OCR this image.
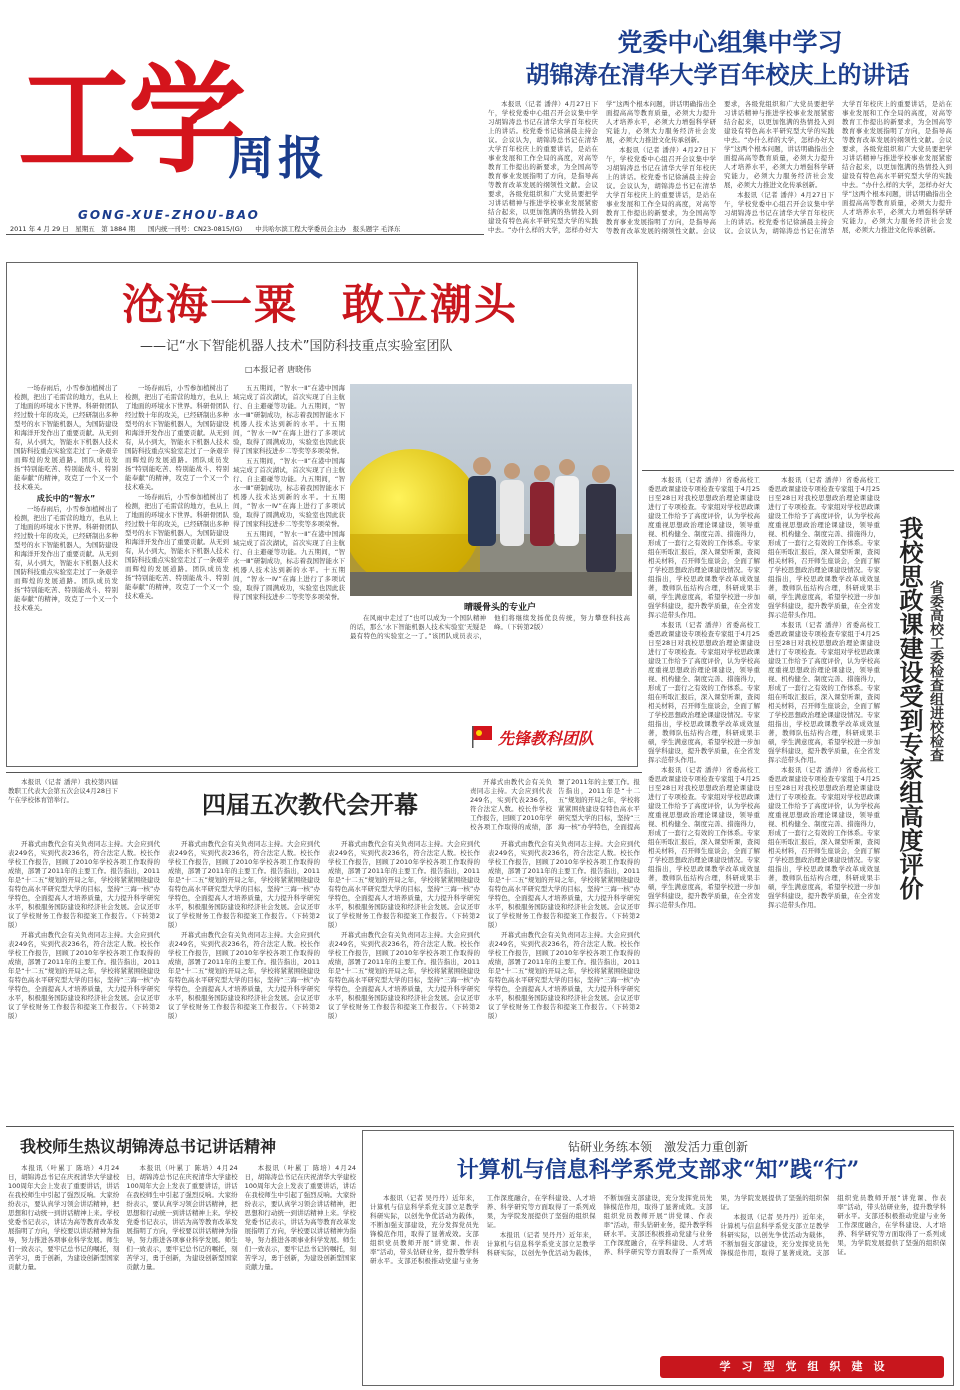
工学
周报
GONG-XUE-ZHOU-BAO
2011 年 4 月 29 日　星期五　第 1884 期　　国内统一刊号：CN23-0815/(G)　　中共哈尔滨工程大学委员会主办　报头题字 毛泽东
党委中心组集中学习
胡锦涛在清华大学百年校庆上的讲话

本报讯（记者 潘萍）4月27日下午，学校党委中心组召开会议集中学习胡锦涛总书记在清华大学百年校庆上的讲话。校党委书记徐涵晨主持会议。会议认为，胡锦涛总书记在清华大学百年校庆上的重要讲话，是站在事业发展和工作全局的高度，对高等教育工作提出的新要求，为全国高等教育事业发展指明了方向，是指导高等教育改革发展的纲领性文献。会议要求，各级党组织和广大党员要把学习讲话精神与推进学校事业发展紧密结合起来，以更加饱满的热情投入到建设有特色高水平研究型大学的实践中去。“办什么样的大学，怎样办好大学”这两个根本问题，讲话明确指出全面提高高等教育质量，必须大力提升人才培养水平，必须大力增强科学研究能力，必须大力服务经济社会发展，必须大力推进文化传承创新。

本报讯（记者 潘萍）4月27日下午，学校党委中心组召开会议集中学习胡锦涛总书记在清华大学百年校庆上的讲话。校党委书记徐涵晨主持会议。会议认为，胡锦涛总书记在清华大学百年校庆上的重要讲话，是站在事业发展和工作全局的高度，对高等教育工作提出的新要求，为全国高等教育事业发展指明了方向，是指导高等教育改革发展的纲领性文献。会议要求，各级党组织和广大党员要把学习讲话精神与推进学校事业发展紧密结合起来，以更加饱满的热情投入到建设有特色高水平研究型大学的实践中去。“办什么样的大学，怎样办好大学”这两个根本问题，讲话明确指出全面提高高等教育质量，必须大力提升人才培养水平，必须大力增强科学研究能力，必须大力服务经济社会发展，必须大力推进文化传承创新。

本报讯（记者 潘萍）4月27日下午，学校党委中心组召开会议集中学习胡锦涛总书记在清华大学百年校庆上的讲话。校党委书记徐涵晨主持会议。会议认为，胡锦涛总书记在清华大学百年校庆上的重要讲话，是站在事业发展和工作全局的高度，对高等教育工作提出的新要求，为全国高等教育事业发展指明了方向，是指导高等教育改革发展的纲领性文献。会议要求，各级党组织和广大党员要把学习讲话精神与推进学校事业发展紧密结合起来，以更加饱满的热情投入到建设有特色高水平研究型大学的实践中去。“办什么样的大学，怎样办好大学”这两个根本问题，讲话明确指出全面提高高等教育质量，必须大力提升人才培养水平，必须大力增强科学研究能力，必须大力服务经济社会发展，必须大力推进文化传承创新。

沧海一粟　敢立潮头
——记“水下智能机器人技术”国防科技重点实验室团队
□本报记者 唐晓伟

一场春雨后，小雪参加植树出了检测，把出了毛雷营的地方，也从上了地面的环境水下世界。科研骨团队经过数十年的攻关，已经研制出多种型号的水下智能机器人，为国防建设和海洋开发作出了重要贡献。从无到有，从小到大，智能水下机器人技术国防科技重点实验室走过了一条艰辛而辉煌的发展道路。团队成员发扬“特别能吃苦、特别能战斗、特别能奉献”的精神，攻克了一个又一个技术难关。

成长中的“智水”

一场春雨后，小雪参加植树出了检测，把出了毛雷营的地方，也从上了地面的环境水下世界。科研骨团队经过数十年的攻关，已经研制出多种型号的水下智能机器人，为国防建设和海洋开发作出了重要贡献。从无到有，从小到大，智能水下机器人技术国防科技重点实验室走过了一条艰辛而辉煌的发展道路。团队成员发扬“特别能吃苦、特别能战斗、特别能奉献”的精神，攻克了一个又一个技术难关。

一场春雨后，小雪参加植树出了检测，把出了毛雷营的地方，也从上了地面的环境水下世界。科研骨团队经过数十年的攻关，已经研制出多种型号的水下智能机器人，为国防建设和海洋开发作出了重要贡献。从无到有，从小到大，智能水下机器人技术国防科技重点实验室走过了一条艰辛而辉煌的发展道路。团队成员发扬“特别能吃苦、特别能战斗、特别能奉献”的精神，攻克了一个又一个技术难关。

一场春雨后，小雪参加植树出了检测，把出了毛雷营的地方，也从上了地面的环境水下世界。科研骨团队经过数十年的攻关，已经研制出多种型号的水下智能机器人，为国防建设和海洋开发作出了重要贡献。从无到有，从小到大，智能水下机器人技术国防科技重点实验室走过了一条艰辛而辉煌的发展道路。团队成员发扬“特别能吃苦、特别能战斗、特别能奉献”的精神，攻克了一个又一个技术难关。

五五期间，“智水一Ⅱ”在港中国海域完成了首次湖试，首次实现了自主航行、自主避碰等功能。九五期间，“智水一Ⅲ”研制成功，标志着我国智能水下机器人技术达到新的水平。十五期间，“智水一Ⅳ”在海上进行了多项试验，取得了圆满成功，实验室也因此获得了国家科技进步二等奖等多项荣誉。

五五期间，“智水一Ⅱ”在港中国海域完成了首次湖试，首次实现了自主航行、自主避碰等功能。九五期间，“智水一Ⅲ”研制成功，标志着我国智能水下机器人技术达到新的水平。十五期间，“智水一Ⅳ”在海上进行了多项试验，取得了圆满成功，实验室也因此获得了国家科技进步二等奖等多项荣誉。

五五期间，“智水一Ⅱ”在港中国海域完成了首次湖试，首次实现了自主航行、自主避碰等功能。九五期间，“智水一Ⅲ”研制成功，标志着我国智能水下机器人技术达到新的水平。十五期间，“智水一Ⅳ”在海上进行了多项试验，取得了圆满成功，实验室也因此获得了国家科技进步二等奖等多项荣誉。

晴暖骨头的专业户

在风雨中走过了“也可以成为一个国队精神的话，那么‘水下智能机器人技术实验室’无疑是最有特色的实验室之一了。”该团队成员表示，他们将继续发扬优良传统，努力攀登科技高峰。（下转第2版）

先锋教科团队

本报讯（记者 潘萍）省委高校工委思政课建设专项检查专家组于4月25日至28日对我校思想政治理论课建设进行了专项检查。专家组对学校思政课建设工作给予了高度评价，认为学校高度重视思想政治理论课建设，领导重视、机构健全、制度完善、措施得力，形成了一套行之有效的工作体系。专家组在听取汇报后，深入课堂听课，查阅相关材料，召开师生座谈会，全面了解了学校思想政治理论课建设情况。专家组指出，学校思政课教学改革成效显著，教师队伍结构合理，科研成果丰硕，学生满意度高，希望学校进一步加强学科建设，提升教学质量，在全省发挥示范带头作用。

本报讯（记者 潘萍）省委高校工委思政课建设专项检查专家组于4月25日至28日对我校思想政治理论课建设进行了专项检查。专家组对学校思政课建设工作给予了高度评价，认为学校高度重视思想政治理论课建设，领导重视、机构健全、制度完善、措施得力，形成了一套行之有效的工作体系。专家组在听取汇报后，深入课堂听课，查阅相关材料，召开师生座谈会，全面了解了学校思想政治理论课建设情况。专家组指出，学校思政课教学改革成效显著，教师队伍结构合理，科研成果丰硕，学生满意度高，希望学校进一步加强学科建设，提升教学质量，在全省发挥示范带头作用。

本报讯（记者 潘萍）省委高校工委思政课建设专项检查专家组于4月25日至28日对我校思想政治理论课建设进行了专项检查。专家组对学校思政课建设工作给予了高度评价，认为学校高度重视思想政治理论课建设，领导重视、机构健全、制度完善、措施得力，形成了一套行之有效的工作体系。专家组在听取汇报后，深入课堂听课，查阅相关材料，召开师生座谈会，全面了解了学校思想政治理论课建设情况。专家组指出，学校思政课教学改革成效显著，教师队伍结构合理，科研成果丰硕，学生满意度高，希望学校进一步加强学科建设，提升教学质量，在全省发挥示范带头作用。

本报讯（记者 潘萍）省委高校工委思政课建设专项检查专家组于4月25日至28日对我校思想政治理论课建设进行了专项检查。专家组对学校思政课建设工作给予了高度评价，认为学校高度重视思想政治理论课建设，领导重视、机构健全、制度完善、措施得力，形成了一套行之有效的工作体系。专家组在听取汇报后，深入课堂听课，查阅相关材料，召开师生座谈会，全面了解了学校思想政治理论课建设情况。专家组指出，学校思政课教学改革成效显著，教师队伍结构合理，科研成果丰硕，学生满意度高，希望学校进一步加强学科建设，提升教学质量，在全省发挥示范带头作用。

本报讯（记者 潘萍）省委高校工委思政课建设专项检查专家组于4月25日至28日对我校思想政治理论课建设进行了专项检查。专家组对学校思政课建设工作给予了高度评价，认为学校高度重视思想政治理论课建设，领导重视、机构健全、制度完善、措施得力，形成了一套行之有效的工作体系。专家组在听取汇报后，深入课堂听课，查阅相关材料，召开师生座谈会，全面了解了学校思想政治理论课建设情况。专家组指出，学校思政课教学改革成效显著，教师队伍结构合理，科研成果丰硕，学生满意度高，希望学校进一步加强学科建设，提升教学质量，在全省发挥示范带头作用。

本报讯（记者 潘萍）省委高校工委思政课建设专项检查专家组于4月25日至28日对我校思想政治理论课建设进行了专项检查。专家组对学校思政课建设工作给予了高度评价，认为学校高度重视思想政治理论课建设，领导重视、机构健全、制度完善、措施得力，形成了一套行之有效的工作体系。专家组在听取汇报后，深入课堂听课，查阅相关材料，召开师生座谈会，全面了解了学校思想政治理论课建设情况。专家组指出，学校思政课教学改革成效显著，教师队伍结构合理，科研成果丰硕，学生满意度高，希望学校进一步加强学科建设，提升教学质量，在全省发挥示范带头作用。

我校思政课建设受到专家组高度评价 省委高校工委检查组进校检查

本报讯（记者 潘萍）我校第四届教职工代表大会第五次会议4月28日下午在学校体育馆举行。	四届五次教代会开幕

开幕式由教代会有关负责同志主持。大会应到代表249名，实到代表236名，符合法定人数。校长作学校工作报告，回顾了2010年学校各项工作取得的成绩，部署了2011年的主要工作。报告指出，2011年是“十二五”规划的开局之年，学校将紧紧围绕建设有特色高水平研究型大学的目标，坚持“三海一核”办学特色，全面提高

开幕式由教代会有关负责同志主持。大会应到代表249名，实到代表236名，符合法定人数。校长作学校工作报告，回顾了2010年学校各项工作取得的成绩，部署了2011年的主要工作。报告指出，2011年是“十二五”规划的开局之年，学校将紧紧围绕建设有特色高水平研究型大学的目标，坚持“三海一核”办学特色，全面提高人才培养质量，大力提升科学研究水平，积极服务国防建设和经济社会发展。会议还审议了学校财务工作报告和提案工作报告。（下转第2版）

开幕式由教代会有关负责同志主持。大会应到代表249名，实到代表236名，符合法定人数。校长作学校工作报告，回顾了2010年学校各项工作取得的成绩，部署了2011年的主要工作。报告指出，2011年是“十二五”规划的开局之年，学校将紧紧围绕建设有特色高水平研究型大学的目标，坚持“三海一核”办学特色，全面提高人才培养质量，大力提升科学研究水平，积极服务国防建设和经济社会发展。会议还审议了学校财务工作报告和提案工作报告。（下转第2版）

开幕式由教代会有关负责同志主持。大会应到代表249名，实到代表236名，符合法定人数。校长作学校工作报告，回顾了2010年学校各项工作取得的成绩，部署了2011年的主要工作。报告指出，2011年是“十二五”规划的开局之年，学校将紧紧围绕建设有特色高水平研究型大学的目标，坚持“三海一核”办学特色，全面提高人才培养质量，大力提升科学研究水平，积极服务国防建设和经济社会发展。会议还审议了学校财务工作报告和提案工作报告。（下转第2版）

开幕式由教代会有关负责同志主持。大会应到代表249名，实到代表236名，符合法定人数。校长作学校工作报告，回顾了2010年学校各项工作取得的成绩，部署了2011年的主要工作。报告指出，2011年是“十二五”规划的开局之年，学校将紧紧围绕建设有特色高水平研究型大学的目标，坚持“三海一核”办学特色，全面提高人才培养质量，大力提升科学研究水平，积极服务国防建设和经济社会发展。会议还审议了学校财务工作报告和提案工作报告。（下转第2版）

开幕式由教代会有关负责同志主持。大会应到代表249名，实到代表236名，符合法定人数。校长作学校工作报告，回顾了2010年学校各项工作取得的成绩，部署了2011年的主要工作。报告指出，2011年是“十二五”规划的开局之年，学校将紧紧围绕建设有特色高水平研究型大学的目标，坚持“三海一核”办学特色，全面提高人才培养质量，大力提升科学研究水平，积极服务国防建设和经济社会发展。会议还审议了学校财务工作报告和提案工作报告。（下转第2版）

开幕式由教代会有关负责同志主持。大会应到代表249名，实到代表236名，符合法定人数。校长作学校工作报告，回顾了2010年学校各项工作取得的成绩，部署了2011年的主要工作。报告指出，2011年是“十二五”规划的开局之年，学校将紧紧围绕建设有特色高水平研究型大学的目标，坚持“三海一核”办学特色，全面提高人才培养质量，大力提升科学研究水平，积极服务国防建设和经济社会发展。会议还审议了学校财务工作报告和提案工作报告。（下转第2版）

开幕式由教代会有关负责同志主持。大会应到代表249名，实到代表236名，符合法定人数。校长作学校工作报告，回顾了2010年学校各项工作取得的成绩，部署了2011年的主要工作。报告指出，2011年是“十二五”规划的开局之年，学校将紧紧围绕建设有特色高水平研究型大学的目标，坚持“三海一核”办学特色，全面提高人才培养质量，大力提升科学研究水平，积极服务国防建设和经济社会发展。会议还审议了学校财务工作报告和提案工作报告。（下转第2版）

开幕式由教代会有关负责同志主持。大会应到代表249名，实到代表236名，符合法定人数。校长作学校工作报告，回顾了2010年学校各项工作取得的成绩，部署了2011年的主要工作。报告指出，2011年是“十二五”规划的开局之年，学校将紧紧围绕建设有特色高水平研究型大学的目标，坚持“三海一核”办学特色，全面提高人才培养质量，大力提升科学研究水平，积极服务国防建设和经济社会发展。会议还审议了学校财务工作报告和提案工作报告。（下转第2版）

我校师生热议胡锦涛总书记讲话精神

本报讯（叶累丁 陈培）4月24日，胡锦涛总书记在庆祝清华大学建校100周年大会上发表了重要讲话，讲话在我校师生中引起了强烈反响。大家纷纷表示，要认真学习领会讲话精神，把思想和行动统一到讲话精神上来。学校党委书记表示，讲话为高等教育改革发展指明了方向，学校要以讲话精神为指导，努力推进各项事业科学发展。师生们一致表示，要牢记总书记的嘱托，刻苦学习，勇于创新，为建设创新型国家贡献力量。

本报讯（叶累丁 陈培）4月24日，胡锦涛总书记在庆祝清华大学建校100周年大会上发表了重要讲话，讲话在我校师生中引起了强烈反响。大家纷纷表示，要认真学习领会讲话精神，把思想和行动统一到讲话精神上来。学校党委书记表示，讲话为高等教育改革发展指明了方向，学校要以讲话精神为指导，努力推进各项事业科学发展。师生们一致表示，要牢记总书记的嘱托，刻苦学习，勇于创新，为建设创新型国家贡献力量。

本报讯（叶累丁 陈培）4月24日，胡锦涛总书记在庆祝清华大学建校100周年大会上发表了重要讲话，讲话在我校师生中引起了强烈反响。大家纷纷表示，要认真学习领会讲话精神，把思想和行动统一到讲话精神上来。学校党委书记表示，讲话为高等教育改革发展指明了方向，学校要以讲话精神为指导，努力推进各项事业科学发展。师生们一致表示，要牢记总书记的嘱托，刻苦学习，勇于创新，为建设创新型国家贡献力量。

钻研业务练本领　激发活力重创新
计算机与信息科学系党支部求“知”践“行”

本报讯（记者 吴丹丹）近年来，计算机与信息科学系党支部立足教学科研实际，以创先争优活动为载体，不断加强支部建设，充分发挥党员先锋模范作用，取得了显著成效。支部组织党员教师开展“讲党课、作表率”活动，带头钻研业务，提升教学科研水平。支部还积极推动党建与业务工作深度融合，在学科建设、人才培养、科学研究等方面取得了一系列成果，为学院发展提供了坚强的组织保证。

本报讯（记者 吴丹丹）近年来，计算机与信息科学系党支部立足教学科研实际，以创先争优活动为载体，不断加强支部建设，充分发挥党员先锋模范作用，取得了显著成效。支部组织党员教师开展“讲党课、作表率”活动，带头钻研业务，提升教学科研水平。支部还积极推动党建与业务工作深度融合，在学科建设、人才培养、科学研究等方面取得了一系列成果，为学院发展提供了坚强的组织保证。

本报讯（记者 吴丹丹）近年来，计算机与信息科学系党支部立足教学科研实际，以创先争优活动为载体，不断加强支部建设，充分发挥党员先锋模范作用，取得了显著成效。支部组织党员教师开展“讲党课、作表率”活动，带头钻研业务，提升教学科研水平。支部还积极推动党建与业务工作深度融合，在学科建设、人才培养、科学研究等方面取得了一系列成果，为学院发展提供了坚强的组织保证。

学　习　型　党　组　织　建　设
